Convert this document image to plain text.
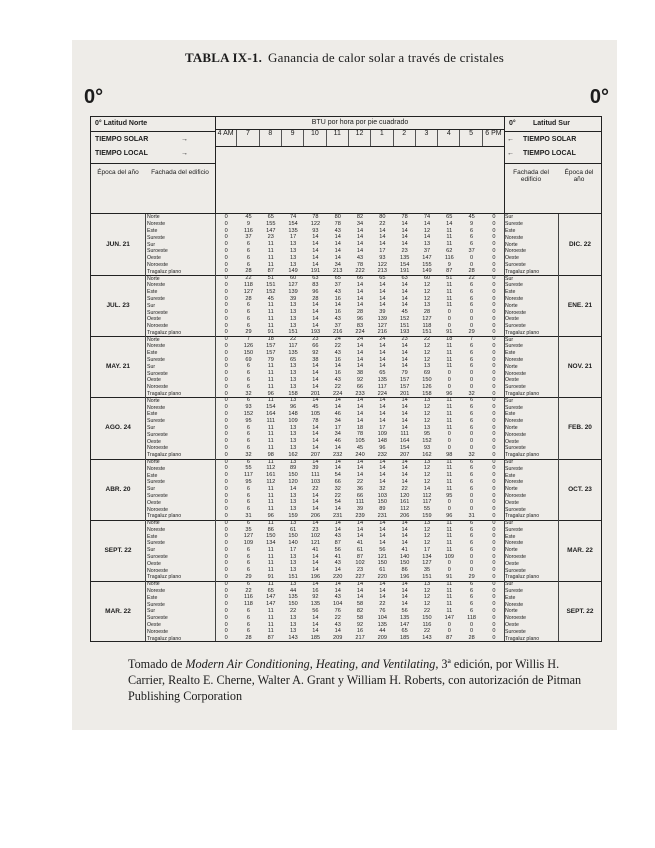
TABLA IX-1. Ganancia de calor solar a través de cristales
0°	0°
0° Latitud Norte
TIEMPO SOLAR	→
TIEMPO LOCAL	→
Época del año	Fachada del edificio
BTU por hora por pie cuadrado
4 AM	7	8	9	10	11	12	1	2	3	4	5	6 PM
0° Latitud Sur
← TIEMPO SOLAR
← TIEMPO LOCAL
Fachada del edificio
Época del año
Norte	0	45	65	74	78	80	82	80	78	74	65	45	0	Sur
Noreste	0	9	155	154	122	78	34	22	14	14	14	9	0	Sureste
Este	0	116	147	135	93	43	14	14	14	12	11	6	0	Este
Sureste	0	37	23	17	14	14	14	14	14	14	11	6	0	Noreste
Sur	0	6	11	13	14	14	14	14	14	13	11	6	0	Norte
JUN. 21	DIC. 22
Suroeste	0	6	11	13	14	14	14	17	23	37	62	37	0	Noroeste
Oeste	0	6	11	13	14	14	43	93	135	147	116	0	0	Oeste
Noroeste	0	6	11	13	14	34	78	122	154	155	9	0	0	Suroeste
Tragaluz plano	0	28	87	149	191	213	222	213	191	149	87	28	0	Tragaluz plano
Norte	0	22	51	60	63	65	66	65	63	60	51	22	0	Sur
Noreste	0	118	151	127	83	37	14	14	14	12	11	6	0	Sureste
Este	0	127	152	139	96	43	14	14	14	12	11	6	0	Este
Sureste	0	28	45	39	28	16	14	14	14	12	11	6	0	Noreste
Sur	0	6	11	13	14	14	14	14	14	13	11	6	0	Norte
JUL. 23	ENE. 21
Suroeste	0	6	11	13	14	16	28	39	45	28	0	0	0	Noroeste
Oeste	0	6	11	13	14	43	96	139	152	127	0	0	0	Oeste
Noroeste	0	6	11	13	14	37	83	127	151	118	0	0	0	Suroeste
Tragaluz plano	0	29	91	151	193	216	224	216	193	151	91	29	0	Tragaluz plano
Norte	0	7	18	22	23	24	24	24	23	22	18	7	0	Sur
Noreste	0	126	157	117	66	22	14	14	14	12	11	6	0	Sureste
Este	0	150	157	135	92	43	14	14	14	12	11	6	0	Este
Sureste	0	69	79	65	38	16	14	14	14	12	11	6	0	Noreste
Sur	0	6	11	13	14	14	14	14	14	13	11	6	0	Norte
MAY. 21	NOV. 21
Suroeste	0	6	11	13	14	16	38	65	79	69	0	0	0	Noroeste
Oeste	0	6	11	13	14	43	92	135	157	150	0	0	0	Oeste
Noroeste	0	6	11	13	14	22	66	117	157	126	0	0	0	Suroeste
Tragaluz plano	0	32	96	158	201	224	233	224	201	158	96	32	0	Tragaluz plano
Norte	0	6	11	13	14	14	14	14	14	13	11	6	0	Sur
Noreste	0	93	154	96	45	14	14	14	14	12	11	6	0	Sureste
Este	0	152	164	148	105	46	14	14	14	12	11	6	0	Este
Sureste	0	95	111	109	78	34	14	14	14	12	11	6	0	Noreste
Sur	0	6	11	13	14	17	18	17	14	13	11	6	0	Norte
AGO. 24	FEB. 20
Suroeste	0	6	11	13	14	34	78	109	111	95	0	0	0	Noroeste
Oeste	0	6	11	13	14	46	105	148	164	152	0	0	0	Oeste
Noroeste	0	6	11	13	14	14	45	96	154	93	0	0	0	Suroeste
Tragaluz plano	0	32	98	162	207	232	240	232	207	162	98	32	0	Tragaluz plano
Norte	0	6	11	13	14	14	14	14	14	13	11	6	0	Sur
Noreste	0	55	112	89	39	14	14	14	14	12	11	6	0	Sureste
Este	0	117	161	150	111	54	14	14	14	12	11	6	0	Este
Sureste	0	95	112	120	103	66	22	14	14	12	11	6	0	Noreste
Sur	0	6	11	14	22	32	36	32	22	14	11	6	0	Norte
ABR. 20	OCT. 23
Suroeste	0	6	11	13	14	22	66	103	120	112	95	0	0	Noroeste
Oeste	0	6	11	13	14	54	111	150	161	117	0	0	0	Oeste
Noroeste	0	6	11	13	14	14	39	89	112	55	0	0	0	Suroeste
Tragaluz plano	0	31	96	159	206	231	239	231	206	159	96	31	0	Tragaluz plano
Norte	0	6	11	13	14	14	14	14	14	13	11	6	0	Sur
Noreste	0	35	86	61	23	14	14	14	14	12	11	6	0	Sureste
Este	0	127	150	150	102	43	14	14	14	12	11	6	0	Este
Sureste	0	109	134	140	121	87	41	14	14	12	11	6	0	Noreste
Sur	0	6	11	17	41	56	61	56	41	17	11	6	0	Norte
SEPT. 22	MAR. 22
Suroeste	0	6	11	13	14	41	87	121	140	134	109	0	0	Noroeste
Oeste	0	6	11	13	14	43	102	150	150	127	0	0	0	Oeste
Noroeste	0	6	11	13	14	14	23	61	86	35	0	0	0	Suroeste
Tragaluz plano	0	29	91	151	196	220	227	220	196	151	91	29	0	Tragaluz plano
Norte	0	6	11	13	14	14	14	14	14	13	11	6	0	Sur
Noreste	0	22	65	44	16	14	14	14	14	12	11	6	0	Sureste
Este	0	116	147	135	92	43	14	14	14	12	11	6	0	Este
Sureste	0	118	147	150	135	104	58	22	14	12	11	6	0	Noreste
Sur	0	6	11	22	56	76	82	76	56	22	11	6	0	Norte
MAR. 22	SEPT. 22
Suroeste	0	6	11	13	14	22	58	104	135	150	147	118	0	Noroeste
Oeste	0	6	11	13	14	43	92	135	147	116	0	0	0	Oeste
Noroeste	0	6	11	13	14	14	16	44	65	22	0	0	0	Suroeste
Tragaluz plano	0	28	87	143	185	209	217	209	185	143	87	28	0	Tragaluz plano
Tomado de Modern Air Conditioning, Heating, and Ventilating, 3ª edición, por Willis H. Carrier, Realto E. Cherne, Walter A. Grant y William H. Roberts, con autorización de Pitman Publishing Corporation
